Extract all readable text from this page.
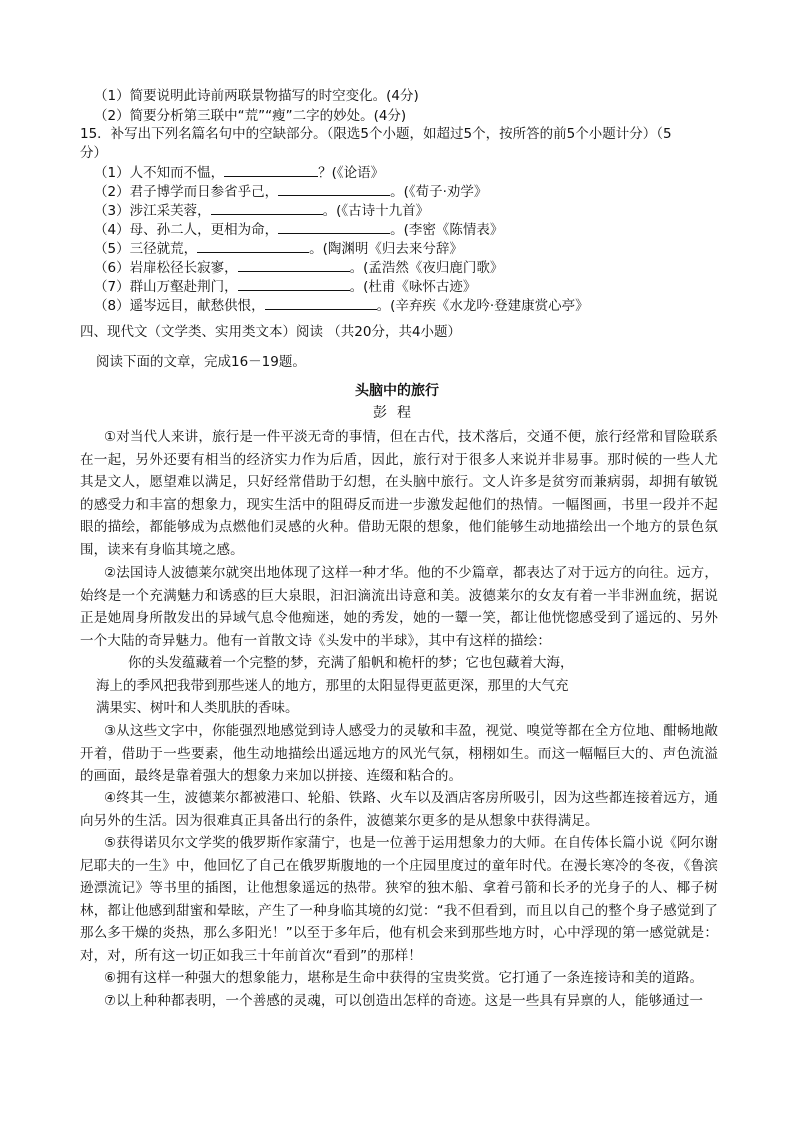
（1）简要说明此诗前两联景物描写的时空变化。(4分)
（2）简要分析第三联中“荒”“瘦”二字的妙处。(4分)
15．补写出下列名篇名句中的空缺部分。（限选5个小题，如超过5个，按所答的前5个小题计分）（5
分）
（1）人不知而不愠，	？(《论语》
（2）君子博学而日参省乎己，	。(《荀子·劝学》
（3）涉江采芙蓉，	。(《古诗十九首》
（4）母、孙二人，更相为命，	。(李密《陈情表》
（5）三径就荒，	。(陶渊明《归去来兮辞》
（6）岩扉松径长寂寥，	。(孟浩然《夜归鹿门歌》
（7）群山万壑赴荆门，	。(杜甫《咏怀古迹》
（8）遥岑远目，献愁供恨，	。(辛弃疾《水龙吟·登建康赏心亭》
四、现代文（文学类、实用类文本）阅读 （共20分，共4小题）
阅读下面的文章，完成16－19题。
头脑中的旅行
彭程
①对当代人来讲，旅行是一件平淡无奇的事情，但在古代，技术落后，交通不便，旅行经常和冒险联系在一起，另外还要有相当的经济实力作为后盾，因此，旅行对于很多人来说并非易事。那时候的一些人尤其是文人，愿望难以满足，只好经常借助于幻想，在头脑中旅行。文人许多是贫穷而兼病弱，却拥有敏锐的感受力和丰富的想象力，现实生活中的阻碍反而进一步激发起他们的热情。一幅图画，书里一段并不起眼的描绘，都能够成为点燃他们灵感的火种。借助无限的想象，他们能够生动地描绘出一个地方的景色氛围，读来有身临其境之感。
②法国诗人波德莱尔就突出地体现了这样一种才华。他的不少篇章，都表达了对于远方的向往。远方，始终是一个充满魅力和诱惑的巨大泉眼，汩汩滴流出诗意和美。波德莱尔的女友有着一半非洲血统，据说正是她周身所散发出的异域气息令他痴迷，她的秀发，她的一颦一笑，都让他恍惚感受到了遥远的、另外一个大陆的奇异魅力。他有一首散文诗《头发中的半球》，其中有这样的描绘：
你的头发蕴藏着一个完整的梦，充满了船帆和桅杆的梦；它也包藏着大海，
海上的季风把我带到那些迷人的地方，那里的太阳显得更蓝更深，那里的大气充
满果实、树叶和人类肌肤的香味。
③从这些文字中，你能强烈地感觉到诗人感受力的灵敏和丰盈，视觉、嗅觉等都在全方位地、酣畅地敞开着，借助于一些要素，他生动地描绘出遥远地方的风光气氛，栩栩如生。而这一幅幅巨大的、声色流溢的画面，最终是靠着强大的想象力来加以拼接、连缀和粘合的。
④终其一生，波德莱尔都被港口、轮船、铁路、火车以及酒店客房所吸引，因为这些都连接着远方，通向另外的生活。因为很难真正具备出行的条件，波德莱尔更多的是从想象中获得满足。
⑤获得诺贝尔文学奖的俄罗斯作家蒲宁，也是一位善于运用想象力的大师。在自传体长篇小说《阿尔谢尼耶夫的一生》中，他回忆了自己在俄罗斯腹地的一个庄园里度过的童年时代。在漫长寒冷的冬夜，《鲁滨逊漂流记》等书里的插图，让他想象遥远的热带。狭窄的独木船、拿着弓箭和长矛的光身子的人、椰子树林，都让他感到甜蜜和晕眩，产生了一种身临其境的幻觉：“我不但看到，而且以自己的整个身子感觉到了那么多干燥的炎热，那么多阳光！”以至于多年后，他有机会来到那些地方时，心中浮现的第一感觉就是：对，对，所有这一切正如我三十年前首次“看到”的那样！
⑥拥有这样一种强大的想象能力，堪称是生命中获得的宝贵奖赏。它打通了一条连接诗和美的道路。
⑦以上种种都表明，一个善感的灵魂，可以创造出怎样的奇迹。这是一些具有异禀的人，能够通过一
